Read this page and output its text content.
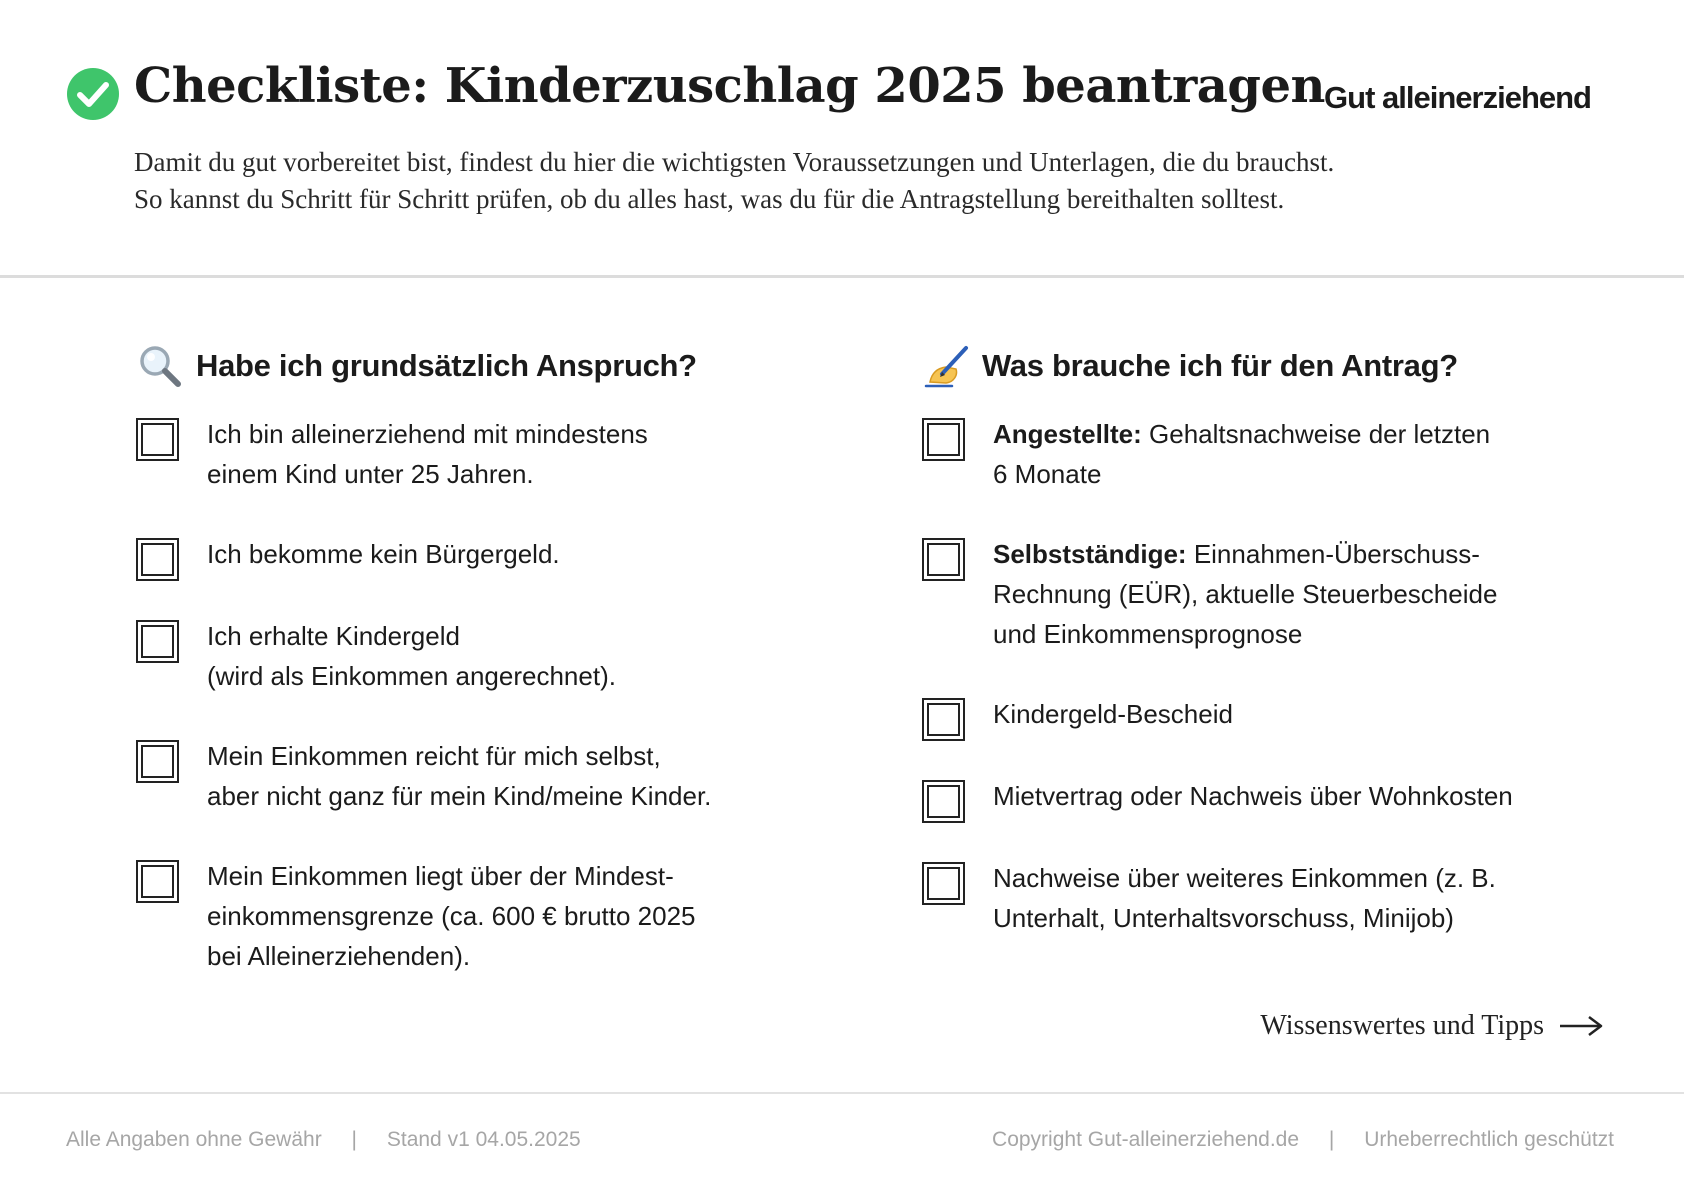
Checkliste: Kinderzuschlag 2025 beantragen Gut alleinerziehend

Damit du gut vorbereitet bist, findest du hier die wichtigsten Voraussetzungen und Unterlagen, die du brauchst.

So kannst du Schritt für Schritt prüfen, ob du alles hast, was du für die Antragstellung bereithalten solltest.

Habe ich grundsätzlich Anspruch?
Ich bin alleinerziehend mit mindestens
einem Kind unter 25 Jahren.
Ich bekomme kein Bürgergeld.
Ich erhalte Kindergeld
(wird als Einkommen angerechnet).
Mein Einkommen reicht für mich selbst,
aber nicht ganz für mein Kind/meine Kinder.
Mein Einkommen liegt über der Mindest-
einkommensgrenze (ca. 600 € brutto 2025
bei Alleinerziehenden).
Was brauche ich für den Antrag?
Angestellte: Gehaltsnachweise der letzten
6 Monate
Selbstständige: Einnahmen-Überschuss-
Rechnung (EÜR), aktuelle Steuerbescheide
und Einkommensprognose
Kindergeld-Bescheid
Mietvertrag oder Nachweis über Wohnkosten
Nachweise über weiteres Einkommen (z. B.
Unterhalt, Unterhaltsvorschuss, Minijob)
Wissenswertes und Tipps
Alle Angaben ohne Gewähr | Stand v1 04.05.2025	Copyright Gut-alleinerziehend.de | Urheberrechtlich geschützt
